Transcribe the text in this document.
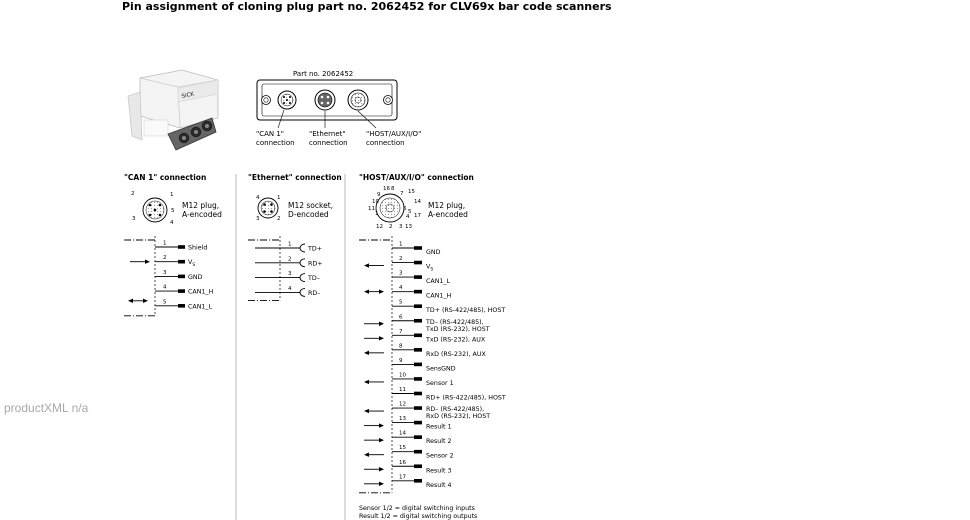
Pin assignment of cloning plug part no. 2062452 for CLV69x bar code scanners
productXML n/a
SICK
Part no. 2062452
"CAN 1"
connection
"Ethernet"
connection
"HOST/AUX/I/O"
connection
"CAN 1" connection
1
2
3
4
5
M12 plug,
A-encoded
"Ethernet" connection
4	1
3	2
M12 socket,
D-encoded
"HOST/AUX/I/O" connection
16 8
7 15
9
14
10
6
11	5
1	4 17
12 2 3 13
M12 plug,
A-encoded
1
Shield
2
$V_S$
3
GND
4
CAN1_H
5
CAN1_L
1
TD+
2
RD+
3
TD–
4
RD–
1
GND
2
$V_S$
3
CAN1_L
4
CAN1_H
5
TD+ (RS-422/485), HOST
6
TD– (RS-422/485), TxD (RS-232), HOST
7
TxD (RS-232), AUX
8
RxD (RS-232), AUX
9
SensGND
10
Sensor 1
11
RD+ (RS-422/485), HOST
12
RD– (RS-422/485), RxD (RS-232), HOST
13
Result 1
14
Result 2
15
Sensor 2
16
Result 3
17
Result 4
Sensor 1/2 = digital switching inputs
Result 1/2 = digital switching outputs
